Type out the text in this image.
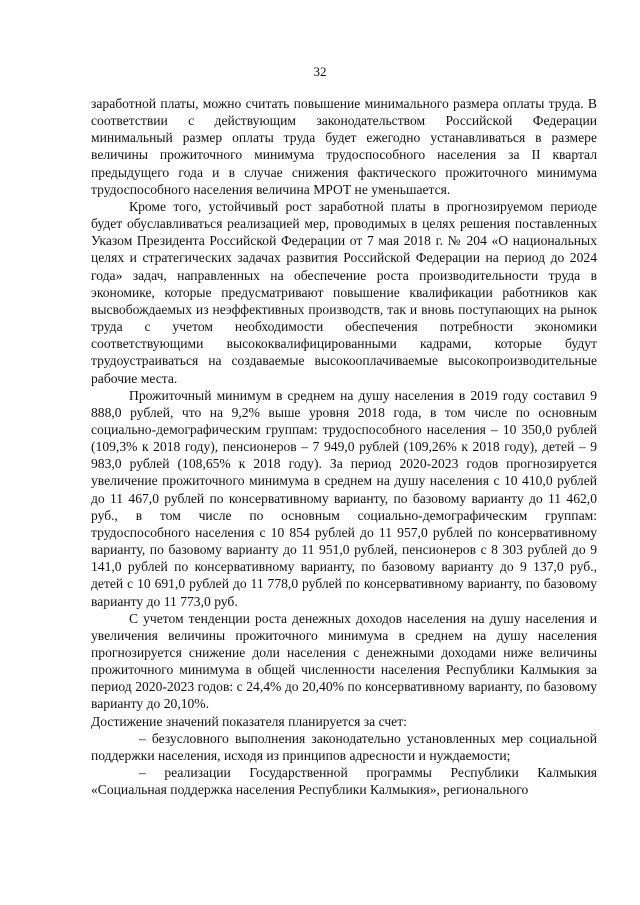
32

заработной платы, можно считать повышение минимального размера оплаты труда. В соответствии с действующим законодательством Российской Федерации минимальный размер оплаты труда будет ежегодно устанавливаться в размере величины прожиточного минимума трудоспособного населения за II квартал предыдущего года и в случае снижения фактического прожиточного минимума трудоспособного населения величина МРОТ не уменьшается.

Кроме того, устойчивый рост заработной платы в прогнозируемом периоде будет обуславливаться реализацией мер, проводимых в целях решения поставленных Указом Президента Российской Федерации от 7 мая 2018 г. № 204 «О национальных целях и стратегических задачах развития Российской Федерации на период до 2024 года» задач, направленных на обеспечение роста производительности труда в экономике, которые предусматривают повышение квалификации работников как высвобождаемых из неэффективных производств, так и вновь поступающих на рынок труда с учетом необходимости обеспечения потребности экономики соответствующими высококвалифицированными кадрами, которые будут трудоустраиваться на создаваемые высокооплачиваемые высокопроизводительные рабочие места.

Прожиточный минимум в среднем на душу населения в 2019 году составил 9 888,0 рублей, что на 9,2% выше уровня 2018 года, в том числе по основным социально-демографическим группам: трудоспособного населения – 10 350,0 рублей (109,3% к 2018 году), пенсионеров – 7 949,0 рублей (109,26% к 2018 году), детей – 9 983,0 рублей (108,65% к 2018 году). За период 2020-2023 годов прогнозируется увеличение прожиточного минимума в среднем на душу населения с 10 410,0 рублей до 11 467,0 рублей по консервативному варианту, по базовому варианту до 11 462,0 руб., в том числе по основным социально-демографическим группам: трудоспособного населения с 10 854 рублей до 11 957,0 рублей по консервативному варианту, по базовому варианту до 11 951,0 рублей, пенсионеров с 8 303 рублей до 9 141,0 рублей по консервативному варианту, по базовому варианту до 9 137,0 руб., детей с 10 691,0 рублей до 11 778,0 рублей по консервативному варианту, по базовому варианту до 11 773,0 руб.

С учетом тенденции роста денежных доходов населения на душу населения и увеличения величины прожиточного минимума в среднем на душу населения прогнозируется снижение доли населения с денежными доходами ниже величины прожиточного минимума в общей численности населения Республики Калмыкия за период 2020-2023 годов: с 24,4% до 20,40% по консервативному варианту, по базовому варианту до 20,10%.

Достижение значений показателя планируется за счет:

– безусловного выполнения законодательно установленных мер социальной поддержки населения, исходя из принципов адресности и нуждаемости;

– реализации Государственной программы Республики Калмыкия «Социальная поддержка населения Республики Калмыкия», регионального
